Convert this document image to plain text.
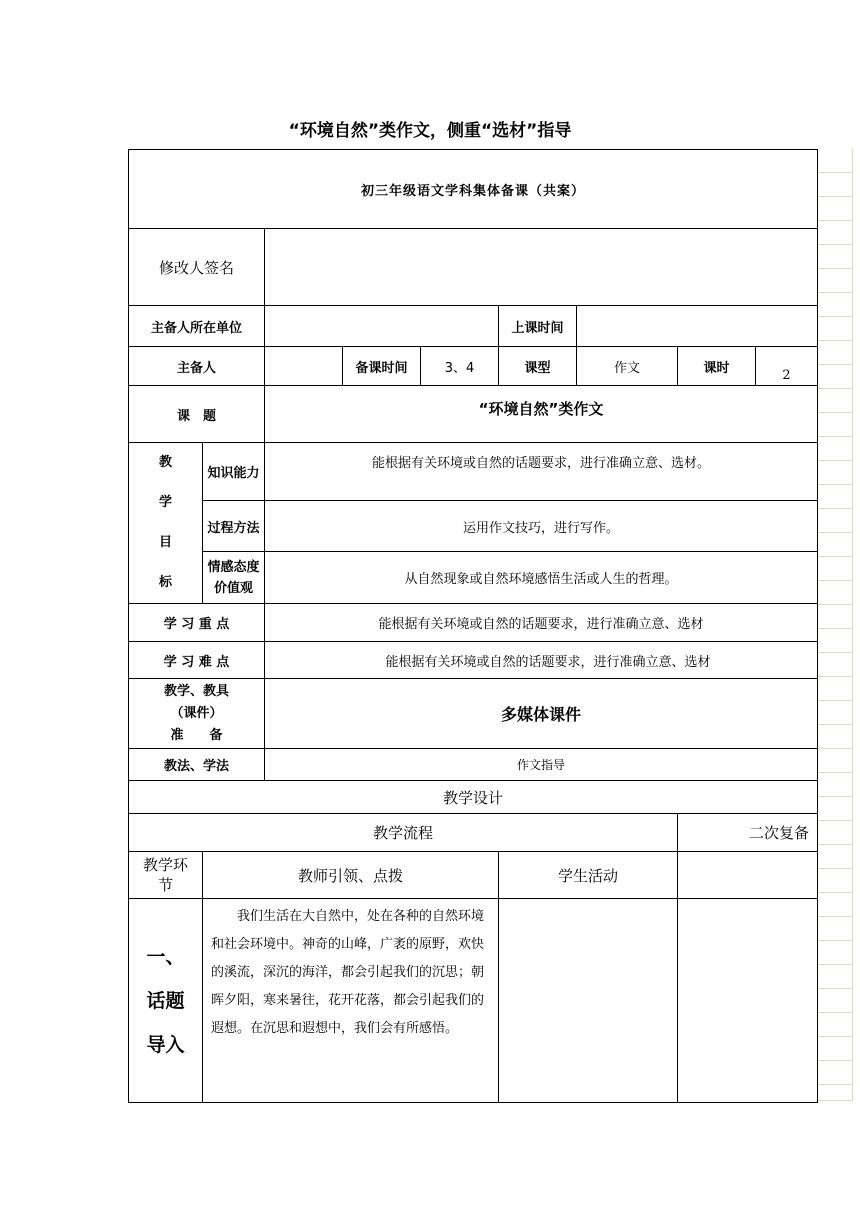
“环境自然”类作文，侧重“选材”指导
初三年级语文学科集体备课（共案）								
修改人签名								
主备人所在单位					上课时间			
主备人			备课时间	3、4	课型	作文	课时	2
课　题		“环境自然”类作文						

教
学
目
标	知识能力	能根据有关环境或自然的话题要求，进行准确立意、选材。						
	过程方法	运用作文技巧，进行写作。						

	情感态度
价值观	从自然现象或自然环境感悟生活或人生的哲理。						
学 习 重 点		能根据有关环境或自然的话题要求，进行准确立意、选材						
学 习 难 点		能根据有关环境或自然的话题要求，进行准确立意、选材						

教学、教具
（课件）
准　　备		多媒体课件						
教法、学法		作文指导						
教学设计								
教学流程							二次复备	

教学环
节	教师引领、点拨				学生活动			

一、
话题
导入	　　我们生活在大自然中，处在各种的自然环境和社会环境中。神奇的山峰，广袤的原野，欢快的溪流，深沉的海洋，都会引起我们的沉思；朝晖夕阳，寒来暑往，花开花落，都会引起我们的遐想。在沉思和遐想中，我们会有所感悟。							
